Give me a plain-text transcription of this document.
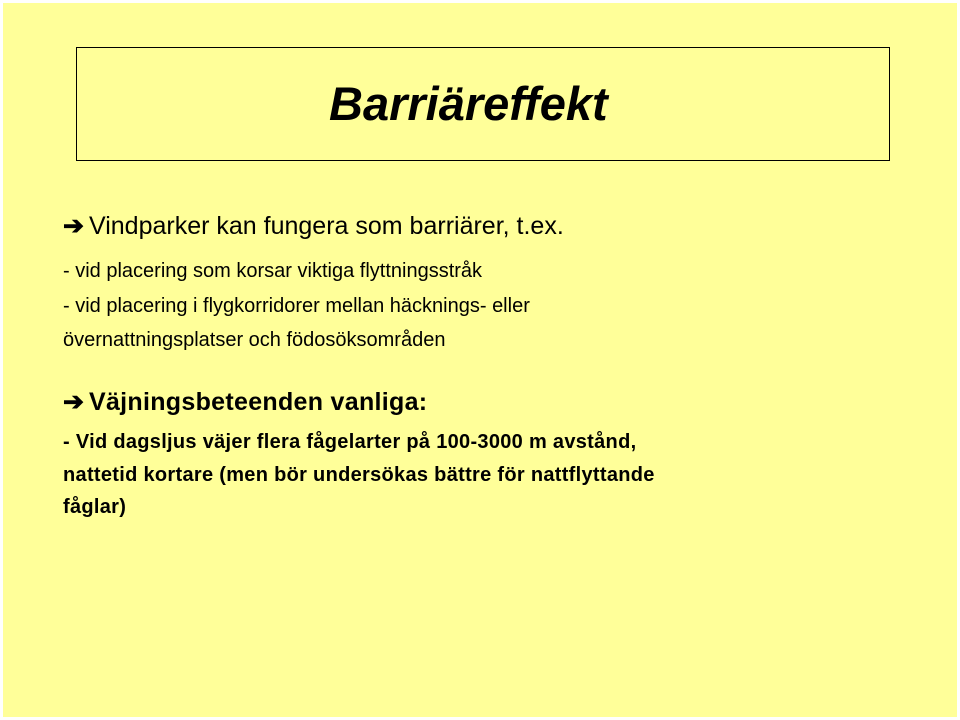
Barriäreffekt

➔ Vindparker kan fungera som barriärer, t.ex.

- vid placering som korsar viktiga flyttningsstråk

- vid placering i flygkorridorer mellan häcknings- eller

övernattningsplatser och födosöksområden

➔ Väjningsbeteenden vanliga:

- Vid dagsljus väjer flera fågelarter på 100-3000 m avstånd,

nattetid kortare (men bör undersökas bättre för nattflyttande

fåglar)
